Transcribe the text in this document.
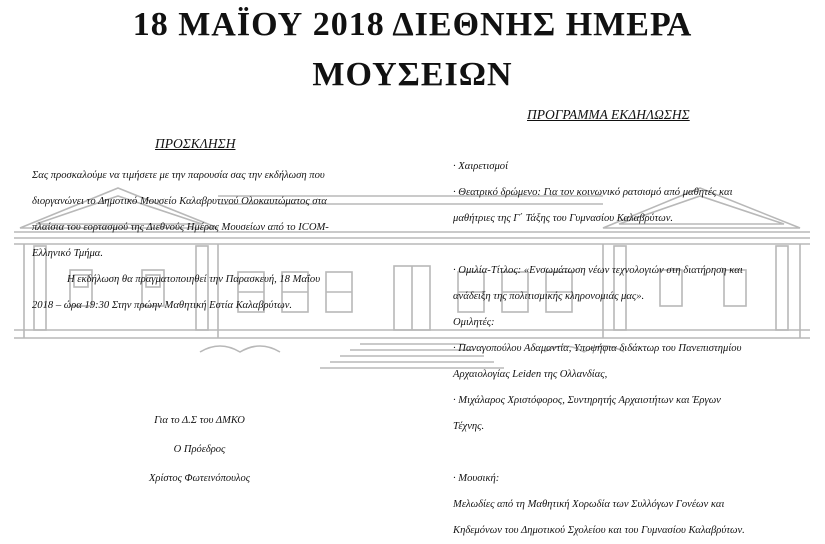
18 ΜΑΪΟΥ 2018 ΔΙΕΘΝΗΣ ΗΜΕΡΑ
ΜΟΥΣΕΙΩΝ
ΠΡΟΣΚΛΗΣΗ

Σας προσκαλούμε να τιμήσετε με την παρουσία σας την εκδήλωση που

διοργανώνει το Δημοτικό Μουσείο Καλαβρυτινού Ολοκαυτώματος στα

πλαίσια του εορτασμού της Διεθνούς Ημέρας Μουσείων από το ICOM-

Ελληνικό Τμήμα.

Η εκδήλωση θα πραγματοποιηθεί την Παρασκευή, 18 Μαΐου

2018 – ώρα 19:30 Στην πρώην Μαθητική Εστία Καλαβρύτων.

Για το Δ.Σ του ΔΜΚΟ
Ο Πρόεδρος
Χρίστος Φωτεινόπουλος
ΠΡΟΓΡΑΜΜΑ ΕΚΔΗΛΩΣΗΣ

· Χαιρετισμοί

· Θεατρικό δρώμενο: Για τον κοινωνικό ρατσισμό από μαθητές και

μαθήτριες της Γ΄ Τάξης του Γυμνασίου Καλαβρύτων.

· Ομιλία-Τίτλος: «Ενσωμάτωση νέων τεχνολογιών στη διατήρηση και

ανάδειξη της πολιτισμικής κληρονομιάς μας».

Ομιλητές:

· Παναγοπούλου Αδαμαντία, Υποψήφια διδάκτωρ του Πανεπιστημίου

Αρχαιολογίας Leiden της Ολλανδίας,

· Μιχάλαρος Χριστόφορος, Συντηρητής Αρχαιοτήτων και Έργων

Τέχνης.

· Μουσική:

Μελωδίες από τη Μαθητική Χορωδία των Συλλόγων Γονέων και

Κηδεμόνων του Δημοτικού Σχολείου και του Γυμνασίου Καλαβρύτων.
